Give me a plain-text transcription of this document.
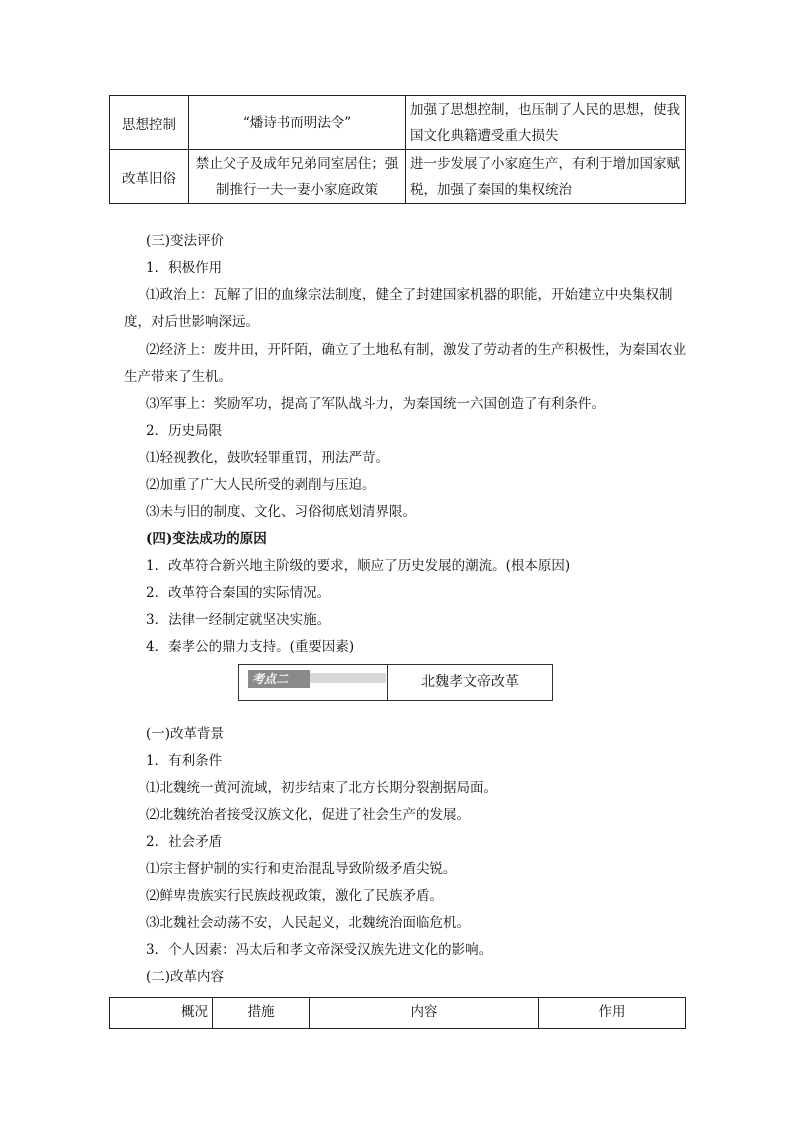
思想控制	“燔诗书而明法令”	加强了思想控制，也压制了人民的思想，使我国文化典籍遭受重大损失
改革旧俗	禁止父子及成年兄弟同室居住；强制推行一夫一妻小家庭政策	进一步发展了小家庭生产，有利于增加国家赋税，加强了秦国的集权统治
(三)变法评价
1．积极作用
⑴政治上：瓦解了旧的血缘宗法制度，健全了封建国家机器的职能，开始建立中央集权制度，对后世影响深远。
⑵经济上：废井田，开阡陌，确立了土地私有制，激发了劳动者的生产积极性，为秦国农业生产带来了生机。
⑶军事上：奖励军功，提高了军队战斗力，为秦国统一六国创造了有利条件。
2．历史局限
⑴轻视教化，鼓吹轻罪重罚，刑法严苛。
⑵加重了广大人民所受的剥削与压迫。
⑶未与旧的制度、文化、习俗彻底划清界限。
(四)变法成功的原因
1．改革符合新兴地主阶级的要求，顺应了历史发展的潮流。(根本原因)
2．改革符合秦国的实际情况。
3．法律一经制定就坚决实施。
4．秦孝公的鼎力支持。(重要因素)
考点二	北魏孝文帝改革
(一)改革背景
1．有利条件
⑴北魏统一黄河流域，初步结束了北方长期分裂割据局面。
⑵北魏统治者接受汉族文化，促进了社会生产的发展。
2．社会矛盾
⑴宗主督护制的实行和吏治混乱导致阶级矛盾尖锐。
⑵鲜卑贵族实行民族歧视政策，激化了民族矛盾。
⑶北魏社会动荡不安，人民起义，北魏统治面临危机。
3．个人因素：冯太后和孝文帝深受汉族先进文化的影响。
(二)改革内容
概况	措施	内容	作用
